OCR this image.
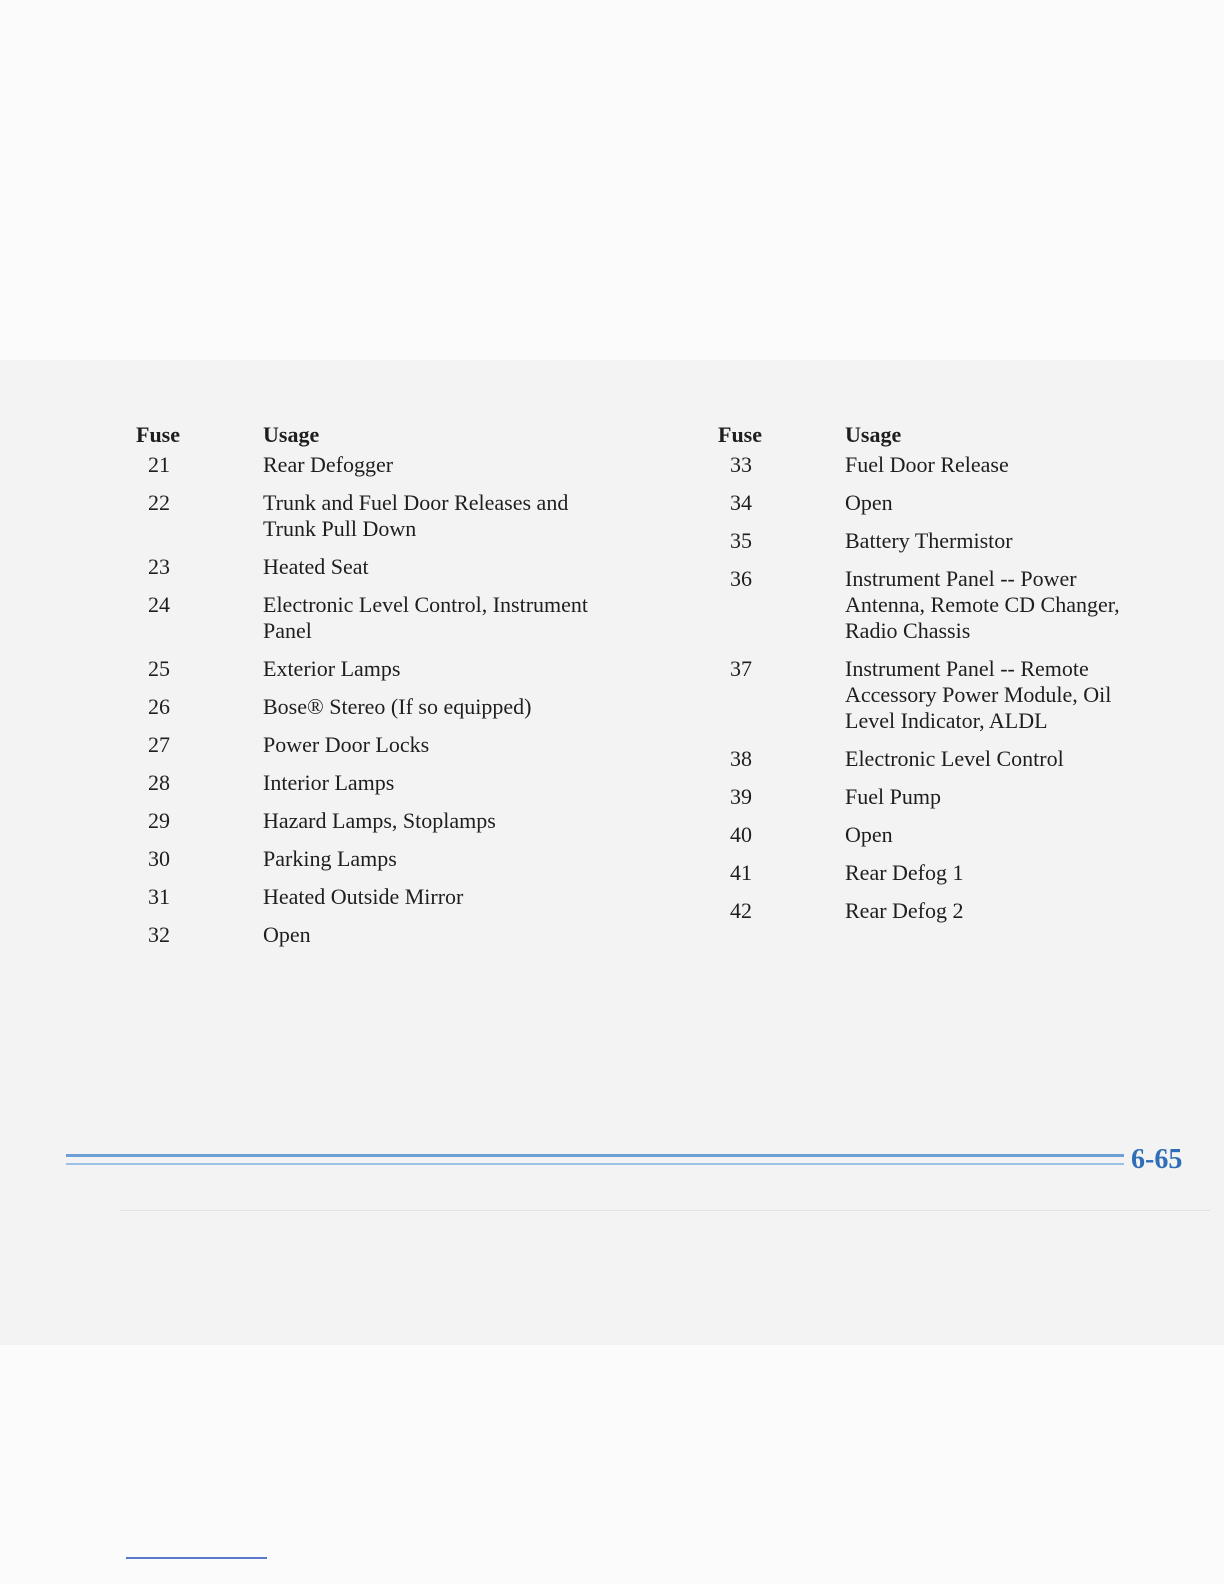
Fuse	Usage
21	Rear Defogger
22	Trunk and Fuel Door Releases and Trunk Pull Down
23	Heated Seat
24	Electronic Level Control, Instrument Panel
25	Exterior Lamps
26	Bose® Stereo (If so equipped)
27	Power Door Locks
28	Interior Lamps
29	Hazard Lamps, Stoplamps
30	Parking Lamps
31	Heated Outside Mirror
32	Open
Fuse	Usage
33	Fuel Door Release
34	Open
35	Battery Thermistor
36	Instrument Panel -- Power Antenna, Remote CD Changer, Radio Chassis
37	Instrument Panel -- Remote Accessory Power Module, Oil Level Indicator, ALDL
38	Electronic Level Control
39	Fuel Pump
40	Open
41	Rear Defog 1
42	Rear Defog 2
6-65
